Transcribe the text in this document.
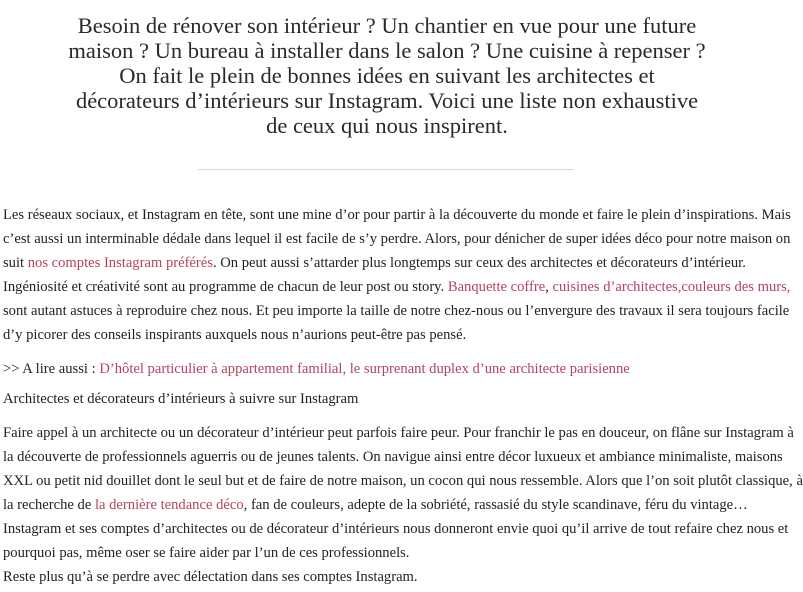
Besoin de rénover son intérieur ? Un chantier en vue pour une future
maison ? Un bureau à installer dans le salon ? Une cuisine à repenser ?
On fait le plein de bonnes idées en suivant les architectes et
décorateurs d’intérieurs sur Instagram. Voici une liste non exhaustive
de ceux qui nous inspirent.
Les réseaux sociaux, et Instagram en tête, sont une mine d’or pour partir à la découverte du monde et faire le plein d’inspirations. Mais
c’est aussi un interminable dédale dans lequel il est facile de s’y perdre. Alors, pour dénicher de super idées déco pour notre maison on
suit nos comptes Instagram préférés. On peut aussi s’attarder plus longtemps sur ceux des architectes et décorateurs d’intérieur.
Ingéniosité et créativité sont au programme de chacun de leur post ou story. Banquette coffre, cuisines d’architectes,couleurs des murs,
sont autant astuces à reproduire chez nous. Et peu importe la taille de notre chez-nous ou l’envergure des travaux il sera toujours facile
d’y picorer des conseils inspirants auxquels nous n’aurions peut-être pas pensé.
>> A lire aussi : D’hôtel particulier à appartement familial, le surprenant duplex d’une architecte parisienne
Architectes et décorateurs d’intérieurs à suivre sur Instagram
Faire appel à un architecte ou un décorateur d’intérieur peut parfois faire peur. Pour franchir le pas en douceur, on flâne sur Instagram à
la découverte de professionnels aguerris ou de jeunes talents. On navigue ainsi entre décor luxueux et ambiance minimaliste, maisons
XXL ou petit nid douillet dont le seul but et de faire de notre maison, un cocon qui nous ressemble. Alors que l’on soit plutôt classique, à
la recherche de la dernière tendance déco, fan de couleurs, adepte de la sobriété, rassasié du style scandinave, féru du vintage…
Instagram et ses comptes d’architectes ou de décorateur d’intérieurs nous donneront envie quoi qu’il arrive de tout refaire chez nous et
pourquoi pas, même oser se faire aider par l’un de ces professionnels.
Reste plus qu’à se perdre avec délectation dans ses comptes Instagram.
